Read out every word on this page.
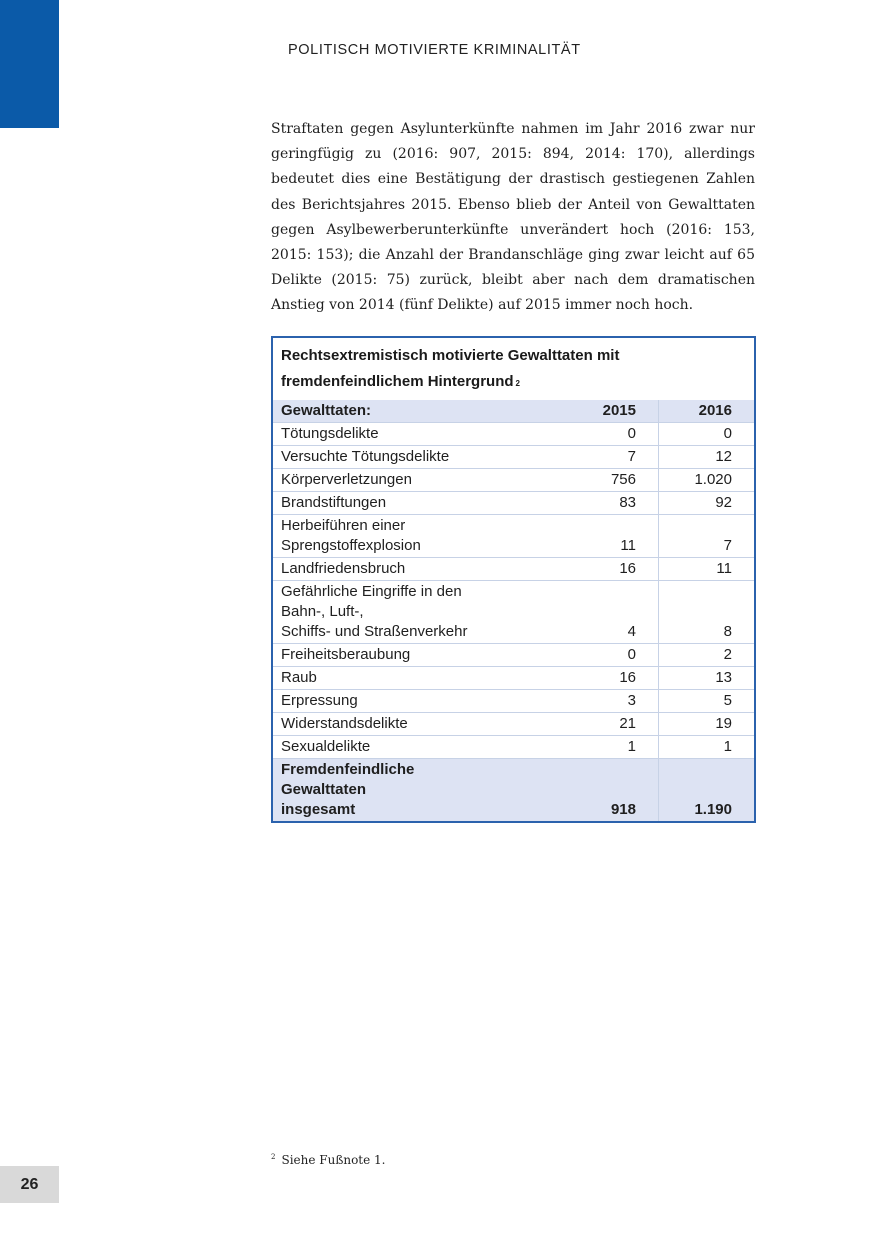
POLITISCH MOTIVIERTE KRIMINALITÄT

Straftaten gegen Asylunterkünfte nahmen im Jahr 2016 zwar nur geringfügig zu (2016: 907, 2015: 894, 2014: 170), allerdings bedeutet dies eine Bestätigung der drastisch gestiegenen Zahlen des Berichtsjahres 2015. Ebenso blieb der Anteil von Gewalttaten gegen Asylbewerberunterkünfte unverändert hoch (2016: 153, 2015: 153); die Anzahl der Brandanschläge ging zwar leicht auf 65 Delikte (2015: 75) zurück, bleibt aber nach dem dramatischen Anstieg von 2014 (fünf Delikte) auf 2015 immer noch hoch.

Rechtsextremistisch motivierte Gewalttaten mit
fremdenfeindlichem Hintergrund $^2$
Gewalttaten:	2015	2016
Tötungsdelikte	0	0
Versuchte Tötungsdelikte	7	12
Körperverletzungen	756	1.020
Brandstiftungen	83	92
Herbeiführen einer Sprengstoffexplosion	11	7
Landfriedensbruch	16	11

Gefährliche Eingriffe in den Bahn-, Luft-,
Schiffs- und Straßenverkehr	4	8
Freiheitsberaubung	0	2
Raub	16	13
Erpressung	3	5
Widerstandsdelikte	21	19
Sexualdelikte	1	1

Fremdenfeindliche Gewalttaten
insgesamt	918	1.190
$^2$ Siehe Fußnote 1.
26
